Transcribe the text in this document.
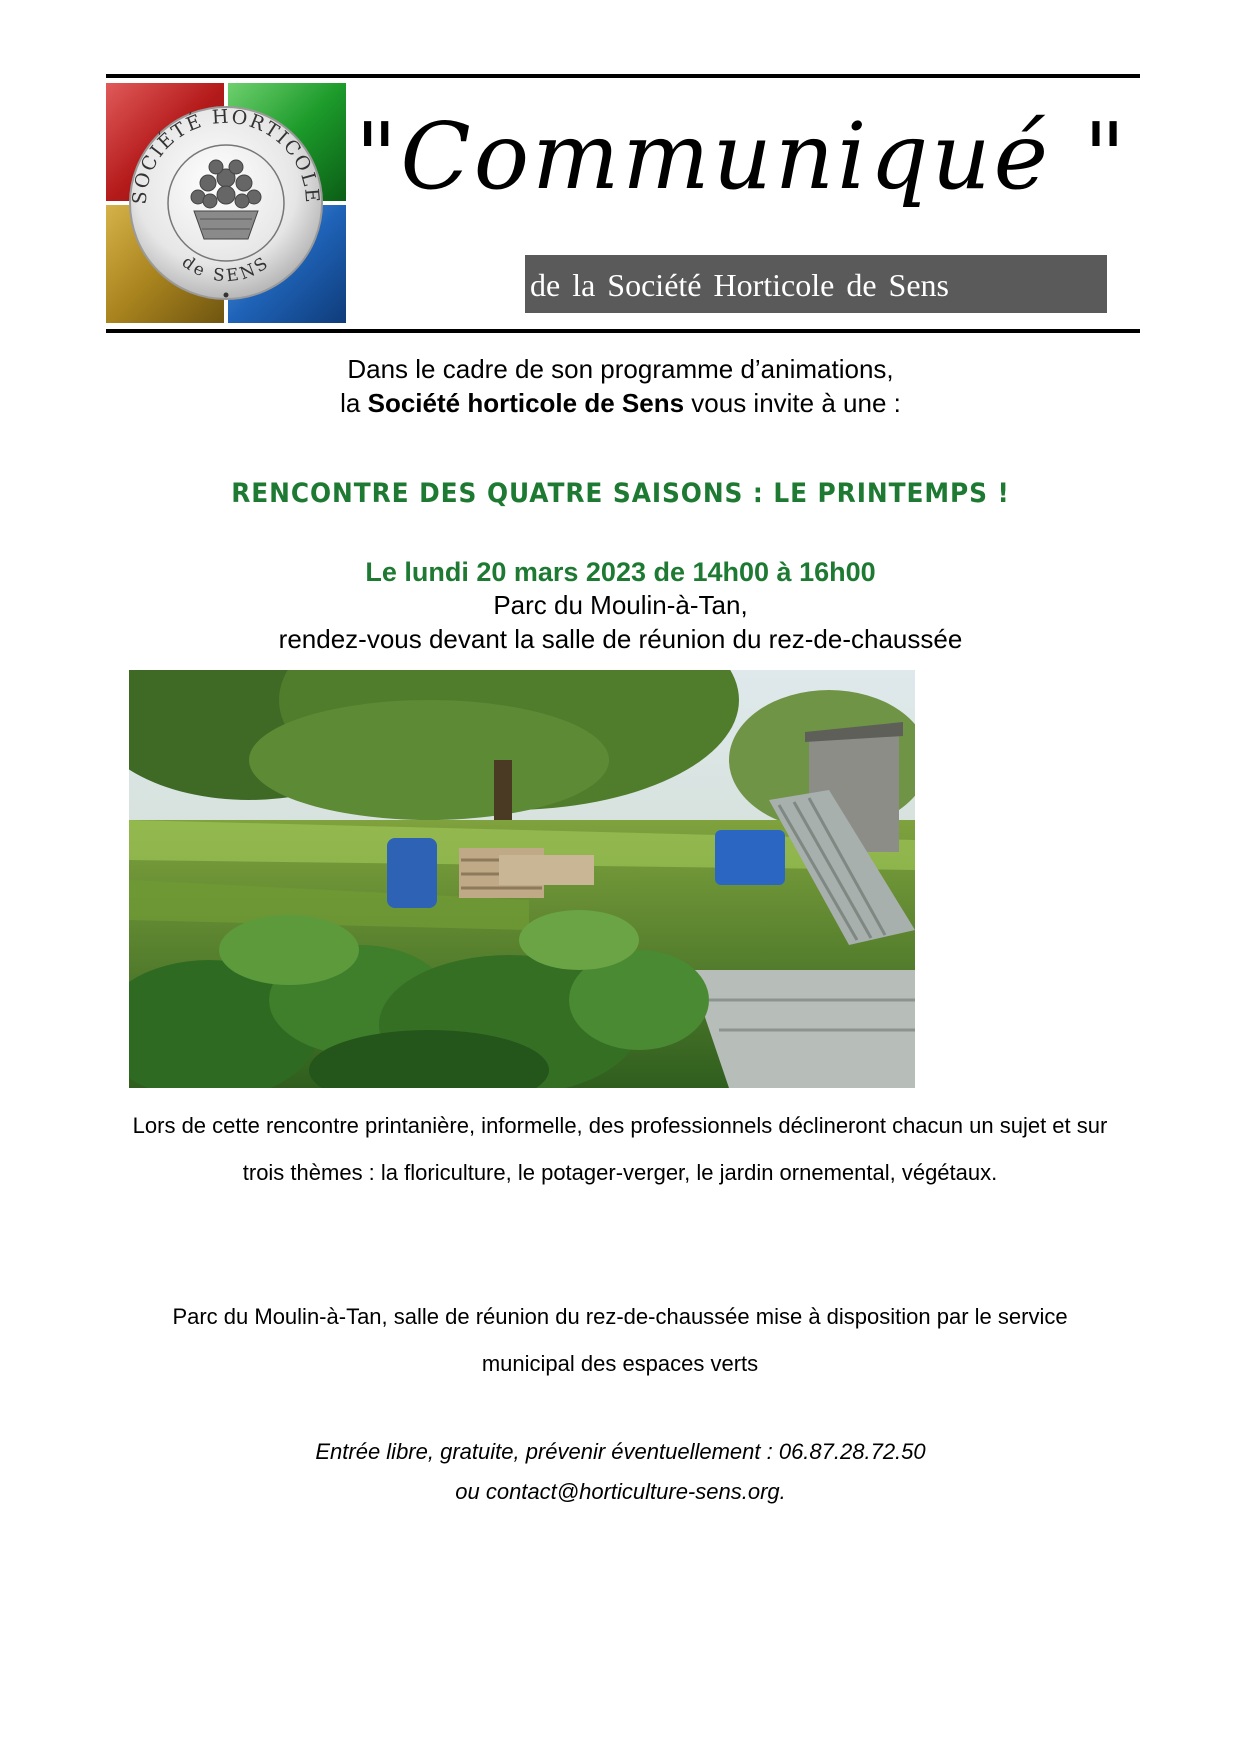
SOCIÉTÉ HORTICOLE
de SENS
"Communiqué "
de la Société Horticole de Sens
Dans le cadre de son programme d’animations,
la Société horticole de Sens vous invite à une :
RENCONTRE DES QUATRE SAISONS : LE PRINTEMPS !
Le lundi 20 mars 2023 de 14h00 à 16h00
Parc du Moulin-à-Tan,
rendez-vous devant la salle de réunion du rez-de-chaussée
Lors de cette rencontre printanière, informelle, des professionnels déclineront chacun un sujet et sur trois thèmes : la floriculture, le potager-verger, le jardin ornemental, végétaux.
Parc du Moulin-à-Tan, salle de réunion du rez-de-chaussée mise à disposition par le service municipal des espaces verts
Entrée libre, gratuite, prévenir éventuellement : 06.87.28.72.50
ou contact@horticulture-sens.org.
